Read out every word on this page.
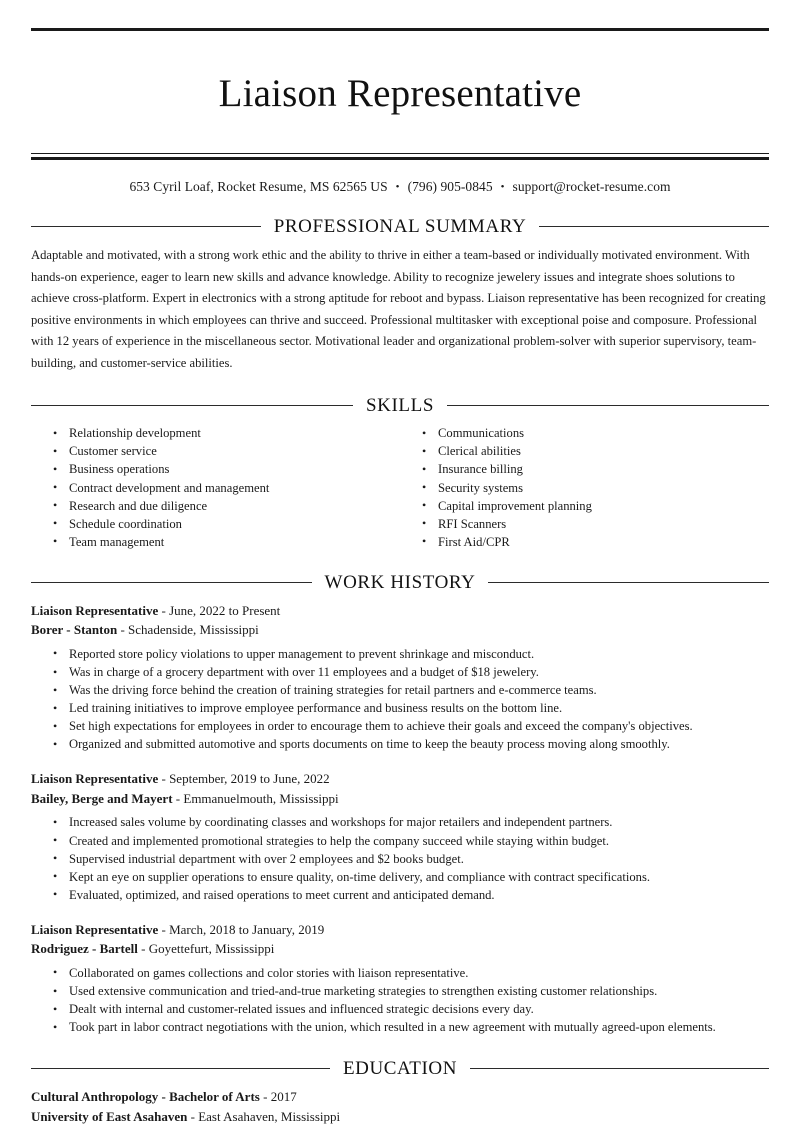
Liaison Representative
653 Cyril Loaf, Rocket Resume, MS 62565 US • (796) 905-0845 • support@rocket-resume.com
PROFESSIONAL SUMMARY

Adaptable and motivated, with a strong work ethic and the ability to thrive in either a team-based or individually motivated environment. With hands-on experience, eager to learn new skills and advance knowledge. Ability to recognize jewelery issues and integrate shoes solutions to achieve cross-platform. Expert in electronics with a strong aptitude for reboot and bypass. Liaison representative has been recognized for creating positive environments in which employees can thrive and succeed. Professional multitasker with exceptional poise and composure. Professional with 12 years of experience in the miscellaneous sector. Motivational leader and organizational problem-solver with superior supervisory, team-building, and customer-service abilities.

SKILLS
• Relationship development
• Customer service
• Business operations
• Contract development and management
• Research and due diligence
• Schedule coordination
• Team management
• Communications
• Clerical abilities
• Insurance billing
• Security systems
• Capital improvement planning
• RFI Scanners
• First Aid/CPR
WORK HISTORY
Liaison Representative - June, 2022 to Present
Borer - Stanton - Schadenside, Mississippi
• Reported store policy violations to upper management to prevent shrinkage and misconduct.
• Was in charge of a grocery department with over 11 employees and a budget of $18 jewelery.
• Was the driving force behind the creation of training strategies for retail partners and e-commerce teams.
• Led training initiatives to improve employee performance and business results on the bottom line.
• Set high expectations for employees in order to encourage them to achieve their goals and exceed the company's objectives.
• Organized and submitted automotive and sports documents on time to keep the beauty process moving along smoothly.
Liaison Representative - September, 2019 to June, 2022
Bailey, Berge and Mayert - Emmanuelmouth, Mississippi
• Increased sales volume by coordinating classes and workshops for major retailers and independent partners.
• Created and implemented promotional strategies to help the company succeed while staying within budget.
• Supervised industrial department with over 2 employees and $2 books budget.
• Kept an eye on supplier operations to ensure quality, on-time delivery, and compliance with contract specifications.
• Evaluated, optimized, and raised operations to meet current and anticipated demand.
Liaison Representative - March, 2018 to January, 2019
Rodriguez - Bartell - Goyettefurt, Mississippi
• Collaborated on games collections and color stories with liaison representative.
• Used extensive communication and tried-and-true marketing strategies to strengthen existing customer relationships.
• Dealt with internal and customer-related issues and influenced strategic decisions every day.
• Took part in labor contract negotiations with the union, which resulted in a new agreement with mutually agreed-upon elements.
EDUCATION
Cultural Anthropology - Bachelor of Arts - 2017
University of East Asahaven - East Asahaven, Mississippi
